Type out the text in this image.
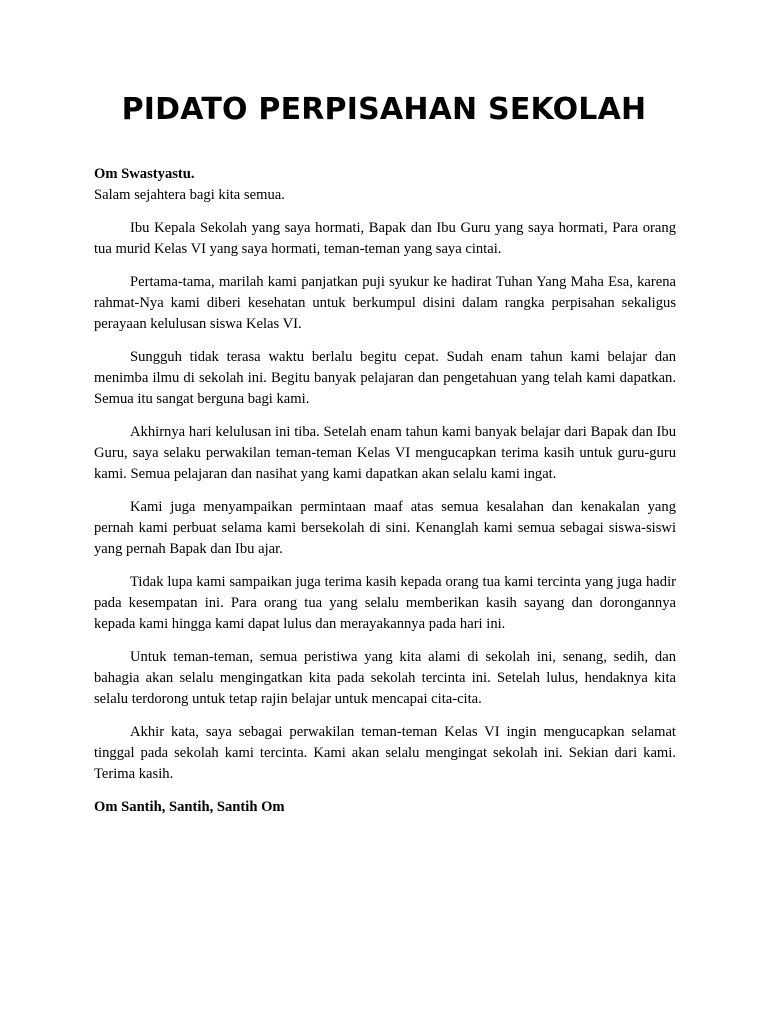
PIDATO PERPISAHAN SEKOLAH

Om Swastyastu.

Salam sejahtera bagi kita semua.

Ibu Kepala Sekolah yang saya hormati, Bapak dan Ibu Guru yang saya hormati, Para orang tua murid Kelas VI yang saya hormati, teman-teman yang saya cintai.

Pertama-tama, marilah kami panjatkan puji syukur ke hadirat Tuhan Yang Maha Esa, karena rahmat-Nya kami diberi kesehatan untuk berkumpul disini dalam rangka perpisahan sekaligus perayaan kelulusan siswa Kelas VI.

Sungguh tidak terasa waktu berlalu begitu cepat. Sudah enam tahun kami belajar dan menimba ilmu di sekolah ini. Begitu banyak pelajaran dan pengetahuan yang telah kami dapatkan. Semua itu sangat berguna bagi kami.

Akhirnya hari kelulusan ini tiba. Setelah enam tahun kami banyak belajar dari Bapak dan Ibu Guru, saya selaku perwakilan teman-teman Kelas VI mengucapkan terima kasih untuk guru-guru kami. Semua pelajaran dan nasihat yang kami dapatkan akan selalu kami ingat.

Kami juga menyampaikan permintaan maaf atas semua kesalahan dan kenakalan yang pernah kami perbuat selama kami bersekolah di sini. Kenanglah kami semua sebagai siswa-siswi yang pernah Bapak dan Ibu ajar.

Tidak lupa kami sampaikan juga terima kasih kepada orang tua kami tercinta yang juga hadir pada kesempatan ini. Para orang tua yang selalu memberikan kasih sayang dan dorongannya kepada kami hingga kami dapat lulus dan merayakannya pada hari ini.

Untuk teman-teman, semua peristiwa yang kita alami di sekolah ini, senang, sedih, dan bahagia akan selalu mengingatkan kita pada sekolah tercinta ini. Setelah lulus, hendaknya kita selalu terdorong untuk tetap rajin belajar untuk mencapai cita-cita.

Akhir kata, saya sebagai perwakilan teman-teman Kelas VI ingin mengucapkan selamat tinggal pada sekolah kami tercinta. Kami akan selalu mengingat sekolah ini. Sekian dari kami. Terima kasih.

Om Santih, Santih, Santih Om
